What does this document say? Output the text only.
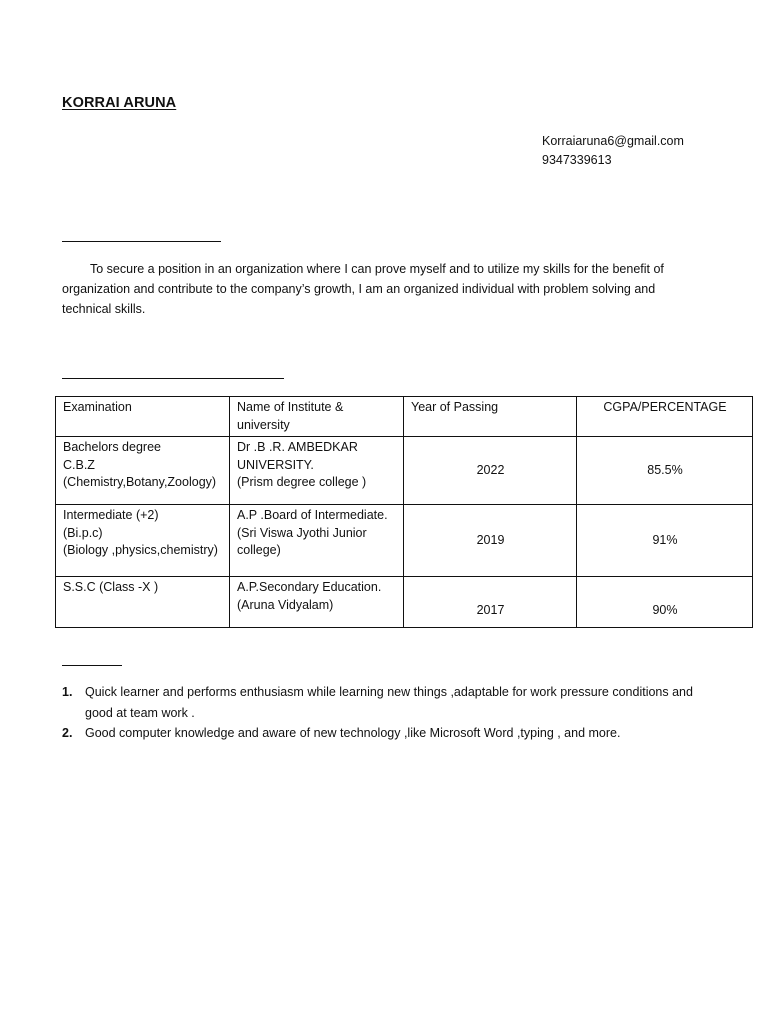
KORRAI ARUNA
Korraiaruna6@gmail.com
9347339613
To secure a position in an organization where I can prove myself and to utilize my skills for the benefit of organization and contribute to the company’s growth, I am an organized individual with problem solving and technical skills.
Examination	Name of Institute & university	Year of Passing	CGPA/PERCENTAGE

Bachelors degree
C.B.Z
(Chemistry,Botany,Zoology)	Dr .B .R. AMBEDKAR
UNIVERSITY.
(Prism degree college )	2022	85.5%

Intermediate (+2)
(Bi.p.c)
(Biology ,physics,chemistry)	A.P .Board of Intermediate.
(Sri Viswa Jyothi Junior
college)	2019	91%

S.S.C (Class -X )	A.P.Secondary Education.
(Aruna Vidyalam)	2017	90%
1. Quick learner and performs enthusiasm while learning new things ,adaptable for work pressure conditions and good at team work .
2. Good computer knowledge and aware of new technology ,like Microsoft Word ,typing , and more.
